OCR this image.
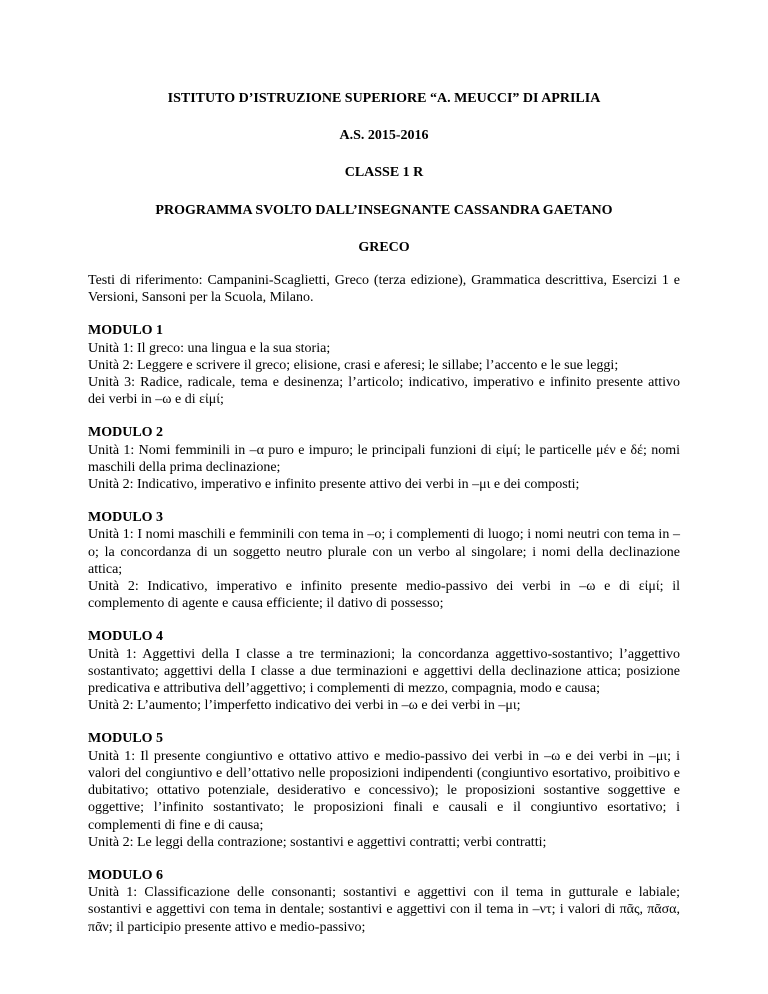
ISTITUTO D’ISTRUZIONE SUPERIORE “A. MEUCCI” DI APRILIA

A.S. 2015-2016

CLASSE 1 R

PROGRAMMA SVOLTO DALL’INSEGNANTE CASSANDRA GAETANO

GRECO

Testi di riferimento: Campanini-Scaglietti, Greco (terza edizione), Grammatica descrittiva, Esercizi 1 e Versioni, Sansoni per la Scuola, Milano.

MODULO 1

Unità 1: Il greco: una lingua e la sua storia;

Unità 2: Leggere e scrivere il greco; elisione, crasi e aferesi; le sillabe; l’accento e le sue leggi;

Unità 3: Radice, radicale, tema e desinenza; l’articolo; indicativo, imperativo e infinito presente attivo dei verbi in –ω e di εἰμί;

MODULO 2

Unità 1: Nomi femminili in –α puro e impuro; le principali funzioni di εἰμί; le particelle μέν e δέ; nomi maschili della prima declinazione;

Unità 2: Indicativo, imperativo e infinito presente attivo dei verbi in –μι e dei composti;

MODULO 3

Unità 1: I nomi maschili e femminili con tema in –ο; i complementi di luogo; i nomi neutri con tema in –ο; la concordanza di un soggetto neutro plurale con un verbo al singolare; i nomi della declinazione attica;

Unità 2: Indicativo, imperativo e infinito presente medio-passivo dei verbi in –ω e di εἰμί; il complemento di agente e causa efficiente; il dativo di possesso;

MODULO 4

Unità 1: Aggettivi della I classe a tre terminazioni; la concordanza aggettivo-sostantivo; l’aggettivo sostantivato; aggettivi della I classe a due terminazioni e aggettivi della declinazione attica; posizione predicativa e attributiva dell’aggettivo; i complementi di mezzo, compagnia, modo e causa;

Unità 2: L’aumento; l’imperfetto indicativo dei verbi in –ω e dei verbi in –μι;

MODULO 5

Unità 1: Il presente congiuntivo e ottativo attivo e medio-passivo dei verbi in –ω e dei verbi in –μι; i valori del congiuntivo e dell’ottativo nelle proposizioni indipendenti (congiuntivo esortativo, proibitivo e dubitativo; ottativo potenziale, desiderativo e concessivo); le proposizioni sostantive soggettive e oggettive; l’infinito sostantivato; le proposizioni finali e causali e il congiuntivo esortativo; i complementi di fine e di causa;

Unità 2: Le leggi della contrazione; sostantivi e aggettivi contratti; verbi contratti;

MODULO 6

Unità 1: Classificazione delle consonanti; sostantivi e aggettivi con il tema in gutturale e labiale; sostantivi e aggettivi con tema in dentale; sostantivi e aggettivi con il tema in –ντ; i valori di πᾶς, πᾶσα, πᾶν; il participio presente attivo e medio-passivo;
